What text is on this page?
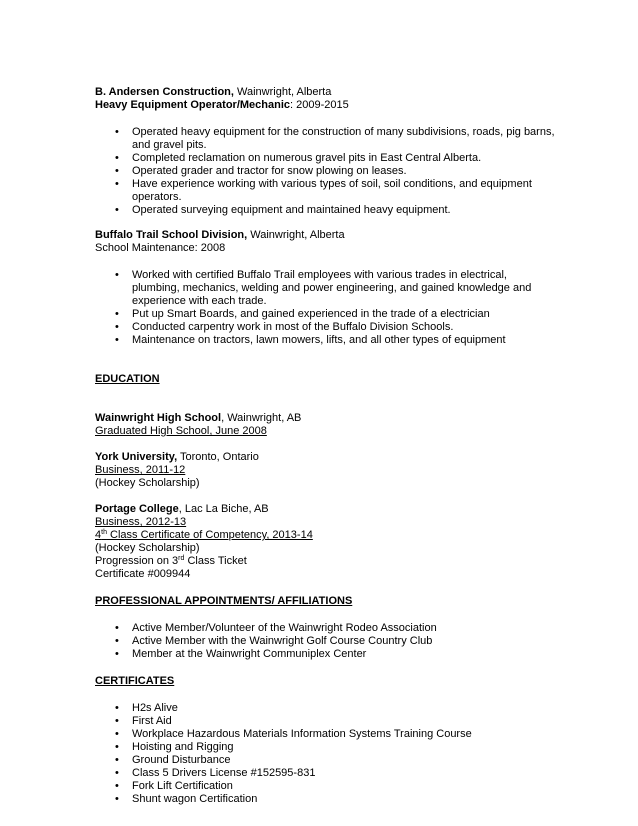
B. Andersen Construction, Wainwright, Alberta

Heavy Equipment Operator/Mechanic: 2009-2015

• Operated heavy equipment for the construction of many subdivisions, roads, pig barns, and gravel pits.
• Completed reclamation on numerous gravel pits in East Central Alberta.
• Operated grader and tractor for snow plowing on leases.
• Have experience working with various types of soil, soil conditions, and equipment operators.
• Operated surveying equipment and maintained heavy equipment.

Buffalo Trail School Division, Wainwright, Alberta

School Maintenance: 2008

• Worked with certified Buffalo Trail employees with various trades in electrical, plumbing, mechanics, welding and power engineering, and gained knowledge and experience with each trade.
• Put up Smart Boards, and gained experienced in the trade of a electrician
• Conducted carpentry work in most of the Buffalo Division Schools.
• Maintenance on tractors, lawn mowers, lifts, and all other types of equipment

EDUCATION

Wainwright High School, Wainwright, AB

Graduated High School, June 2008

York University, Toronto, Ontario

Business, 2011-12

(Hockey Scholarship)

Portage College, Lac La Biche, AB

Business, 2012-13

4th Class Certificate of Competency, 2013-14

(Hockey Scholarship)

Progression on 3rd Class Ticket

Certificate #009944

PROFESSIONAL APPOINTMENTS/ AFFILIATIONS

• Active Member/Volunteer of the Wainwright Rodeo Association
• Active Member with the Wainwright Golf Course Country Club
• Member at the Wainwright Communiplex Center

CERTIFICATES

• H2s Alive
• First Aid
• Workplace Hazardous Materials Information Systems Training Course
• Hoisting and Rigging
• Ground Disturbance
• Class 5 Drivers License #152595-831
• Fork Lift Certification
• Shunt wagon Certification
